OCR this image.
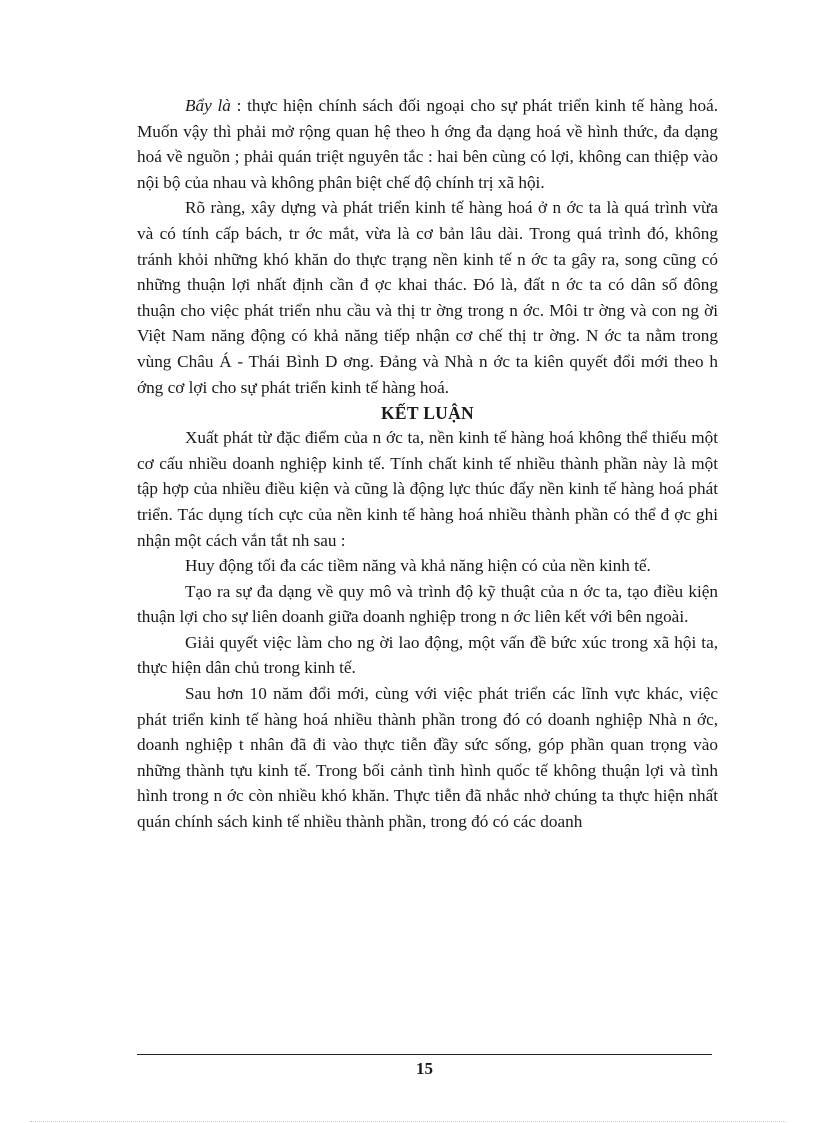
Bẩy là : thực hiện chính sách đối ngoại cho sự phát triển kinh tế hàng hoá. Muốn vậy thì phải mở rộng quan hệ theo h ớng đa dạng hoá về hình thức, đa dạng hoá về nguồn ; phải quán triệt nguyên tắc : hai bên cùng có lợi, không can thiệp vào nội bộ của nhau và không phân biệt chế độ chính trị xã hội.

Rõ ràng, xây dựng và phát triển kinh tế hàng hoá ở n ớc ta là quá trình vừa và có tính cấp bách, tr ớc mắt, vừa là cơ bản lâu dài. Trong quá trình đó, không tránh khỏi những khó khăn do thực trạng nền kinh tế n ớc ta gây ra, song cũng có những thuận lợi nhất định cần đ ợc khai thác. Đó là, đất n ớc ta có dân số đông thuận cho việc phát triển nhu cầu và thị tr ờng trong n ớc. Môi tr ờng và con ng ời Việt Nam năng động có khả năng tiếp nhận cơ chế thị tr ờng. N ớc ta nằm trong vùng Châu Á - Thái Bình D ơng. Đảng và Nhà n ớc ta kiên quyết đổi mới theo h ớng cơ lợi cho sự phát triển kinh tế hàng hoá.

KẾT LUẬN

Xuất phát từ đặc điểm của n ớc ta, nền kinh tế hàng hoá không thể thiếu một cơ cấu nhiều doanh nghiệp kinh tế. Tính chất kinh tế nhiều thành phần này là một tập hợp của nhiều điều kiện và cũng là động lực thúc đẩy nền kinh tế hàng hoá phát triển. Tác dụng tích cực của nền kinh tế hàng hoá nhiều thành phần có thể đ ợc ghi nhận một cách vắn tắt nh sau :

Huy động tối đa các tiềm năng và khả năng hiện có của nền kinh tế.

Tạo ra sự đa dạng về quy mô và trình độ kỹ thuật của n ớc ta, tạo điều kiện thuận lợi cho sự liên doanh giữa doanh nghiệp trong n ớc liên kết với bên ngoài.

Giải quyết việc làm cho ng ời lao động, một vấn đề bức xúc trong xã hội ta, thực hiện dân chủ trong kinh tế.

Sau hơn 10 năm đổi mới, cùng với việc phát triển các lĩnh vực khác, việc phát triển kinh tế hàng hoá nhiều thành phần trong đó có doanh nghiệp Nhà n ớc, doanh nghiệp t nhân đã đi vào thực tiễn đầy sức sống, góp phần quan trọng vào những thành tựu kinh tế. Trong bối cảnh tình hình quốc tế không thuận lợi và tình hình trong n ớc còn nhiều khó khăn. Thực tiễn đã nhắc nhở chúng ta thực hiện nhất quán chính sách kinh tế nhiều thành phần, trong đó có các doanh

15
